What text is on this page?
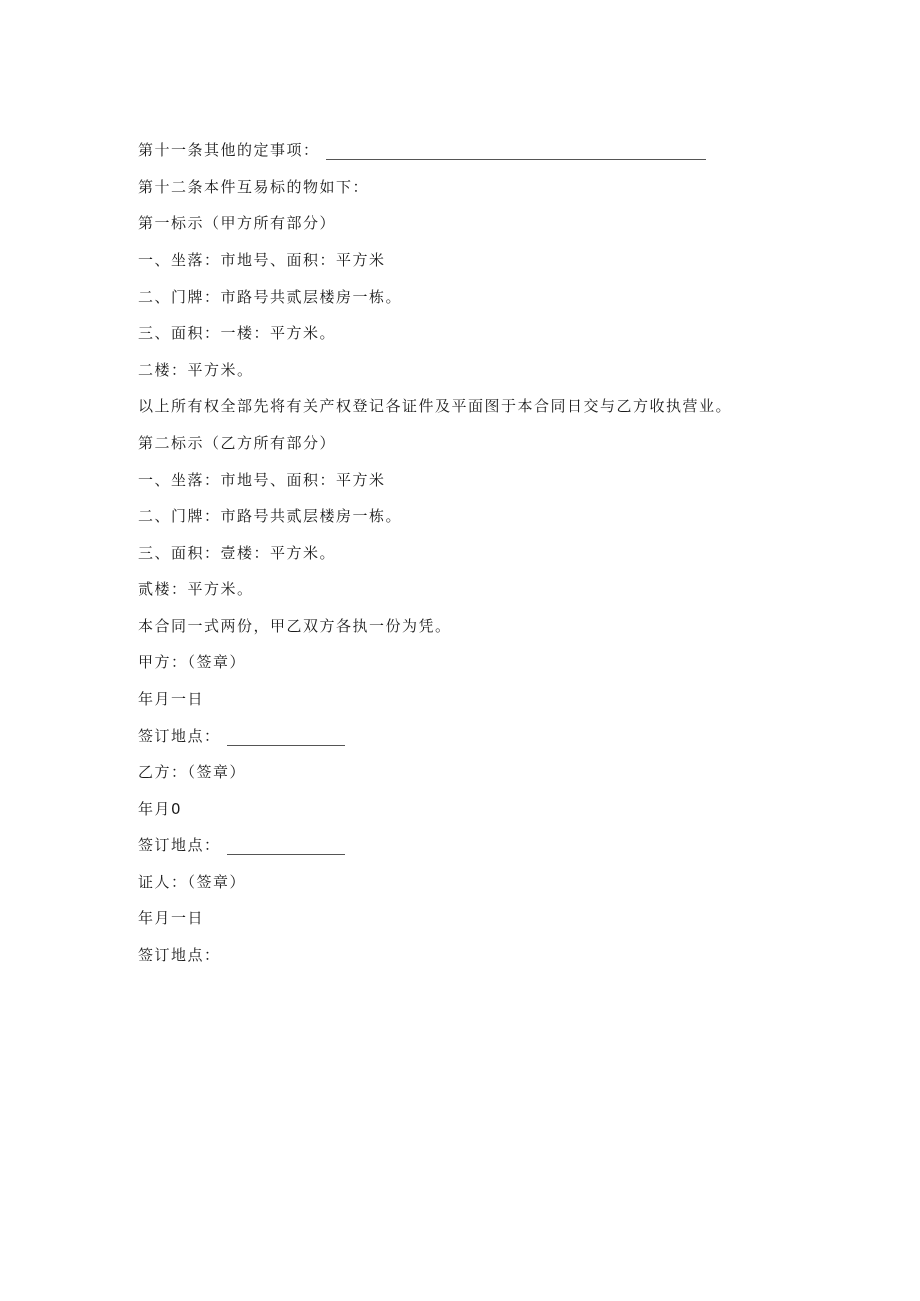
第十一条其他的定事项：
第十二条本件互易标的物如下：
第一标示（甲方所有部分）
一、坐落：市地号、面积：平方米
二、门牌：市路号共贰层楼房一栋。
三、面积：一楼：平方米。
二楼：平方米。
以上所有权全部先将有关产权登记各证件及平面图于本合同日交与乙方收执营业。
第二标示（乙方所有部分）
一、坐落：市地号、面积：平方米
二、门牌：市路号共贰层楼房一栋。
三、面积：壹楼：平方米。
贰楼：平方米。
本合同一式两份，甲乙双方各执一份为凭。
甲方：（签章）
年月一日
签订地点：
乙方：（签章）
年月0
签订地点：
证人：（签章）
年月一日
签订地点：
